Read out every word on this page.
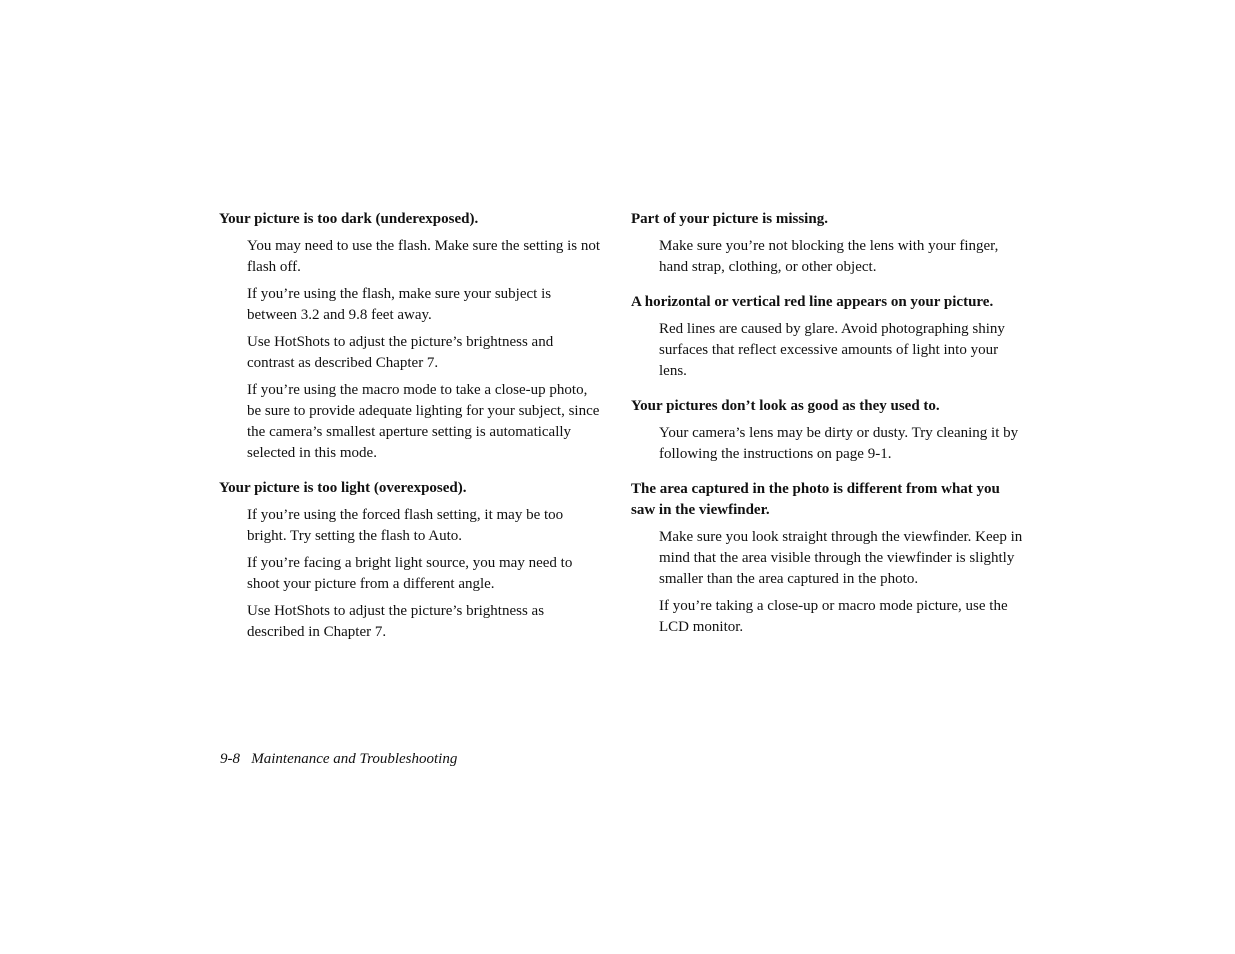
Your picture is too dark (underexposed).
You may need to use the flash. Make sure the setting is not flash off.
If you’re using the flash, make sure your subject is between 3.2 and 9.8 feet away.
Use HotShots to adjust the picture’s brightness and contrast as described Chapter 7.
If you’re using the macro mode to take a close-up photo, be sure to provide adequate lighting for your subject, since the camera’s smallest aperture setting is automatically selected in this mode.
Your picture is too light (overexposed).
If you’re using the forced flash setting, it may be too bright. Try setting the flash to Auto.
If you’re facing a bright light source, you may need to shoot your picture from a different angle.
Use HotShots to adjust the picture’s brightness as described in Chapter 7.
Part of your picture is missing.
Make sure you’re not blocking the lens with your finger, hand strap, clothing, or other object.
A horizontal or vertical red line appears on your picture.
Red lines are caused by glare. Avoid photographing shiny surfaces that reflect excessive amounts of light into your lens.
Your pictures don’t look as good as they used to.
Your camera’s lens may be dirty or dusty. Try cleaning it by following the instructions on page 9-1.
The area captured in the photo is different from what you saw in the viewfinder.
Make sure you look straight through the viewfinder. Keep in mind that the area visible through the viewfinder is slightly smaller than the area captured in the photo.
If you’re taking a close-up or macro mode picture, use the LCD monitor.
9-8 Maintenance and Troubleshooting
